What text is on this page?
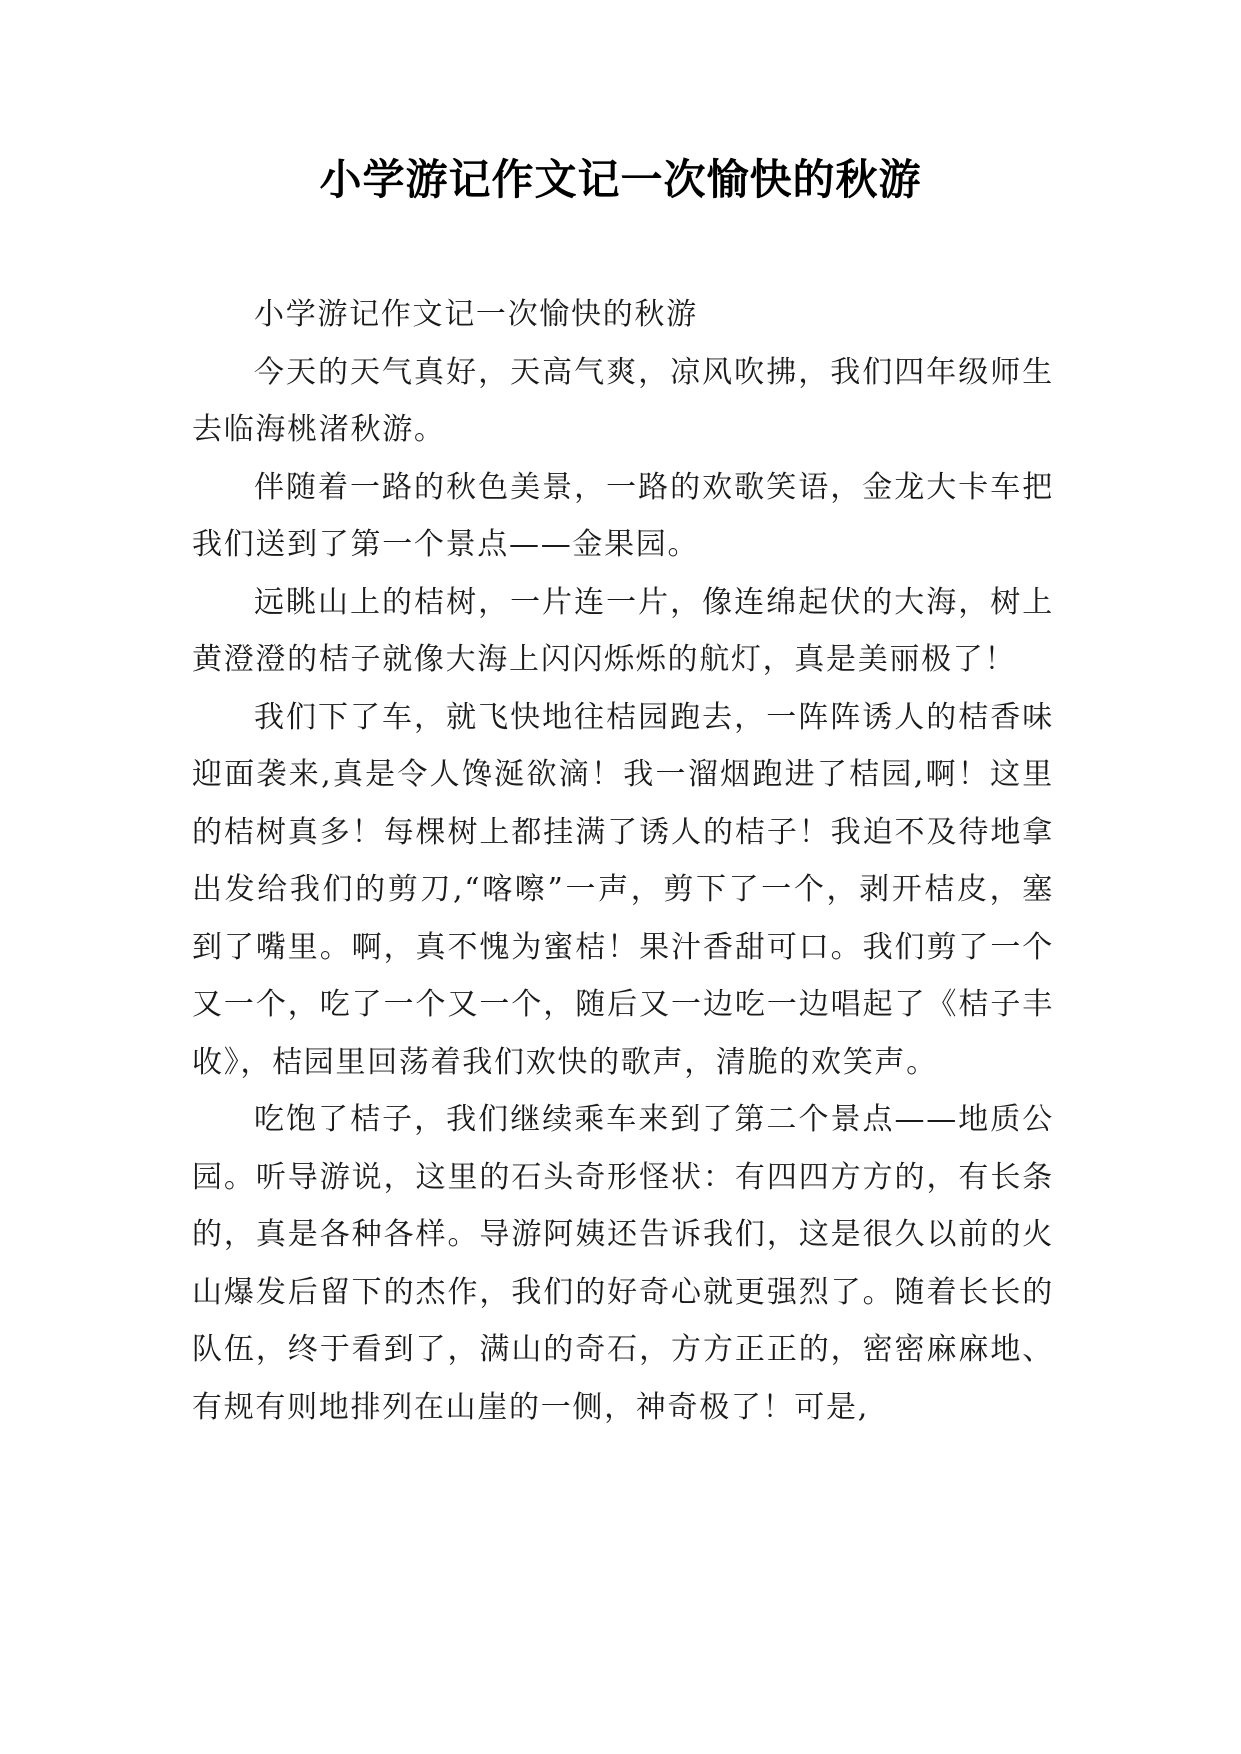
小学游记作文记一次愉快的秋游

小学游记作文记一次愉快的秋游

今天的天气真好，天高气爽，凉风吹拂，我们四年级师生去临海桃渚秋游。

伴随着一路的秋色美景，一路的欢歌笑语，金龙大卡车把我们送到了第一个景点——金果园。

远眺山上的桔树，一片连一片，像连绵起伏的大海，树上黄澄澄的桔子就像大海上闪闪烁烁的航灯，真是美丽极了！

我们下了车，就飞快地往桔园跑去，一阵阵诱人的桔香味迎面袭来,真是令人馋涎欲滴！我一溜烟跑进了桔园,啊！这里的桔树真多！每棵树上都挂满了诱人的桔子！我迫不及待地拿出发给我们的剪刀,“喀嚓”一声，剪下了一个，剥开桔皮，塞到了嘴里。啊，真不愧为蜜桔！果汁香甜可口。我们剪了一个又一个，吃了一个又一个，随后又一边吃一边唱起了《桔子丰收》，桔园里回荡着我们欢快的歌声，清脆的欢笑声。

吃饱了桔子，我们继续乘车来到了第二个景点——地质公园。听导游说，这里的石头奇形怪状：有四四方方的，有长条的，真是各种各样。导游阿姨还告诉我们，这是很久以前的火山爆发后留下的杰作，我们的好奇心就更强烈了。随着长长的队伍，终于看到了，满山的奇石，方方正正的，密密麻麻地、有规有则地排列在山崖的一侧，神奇极了！可是,
